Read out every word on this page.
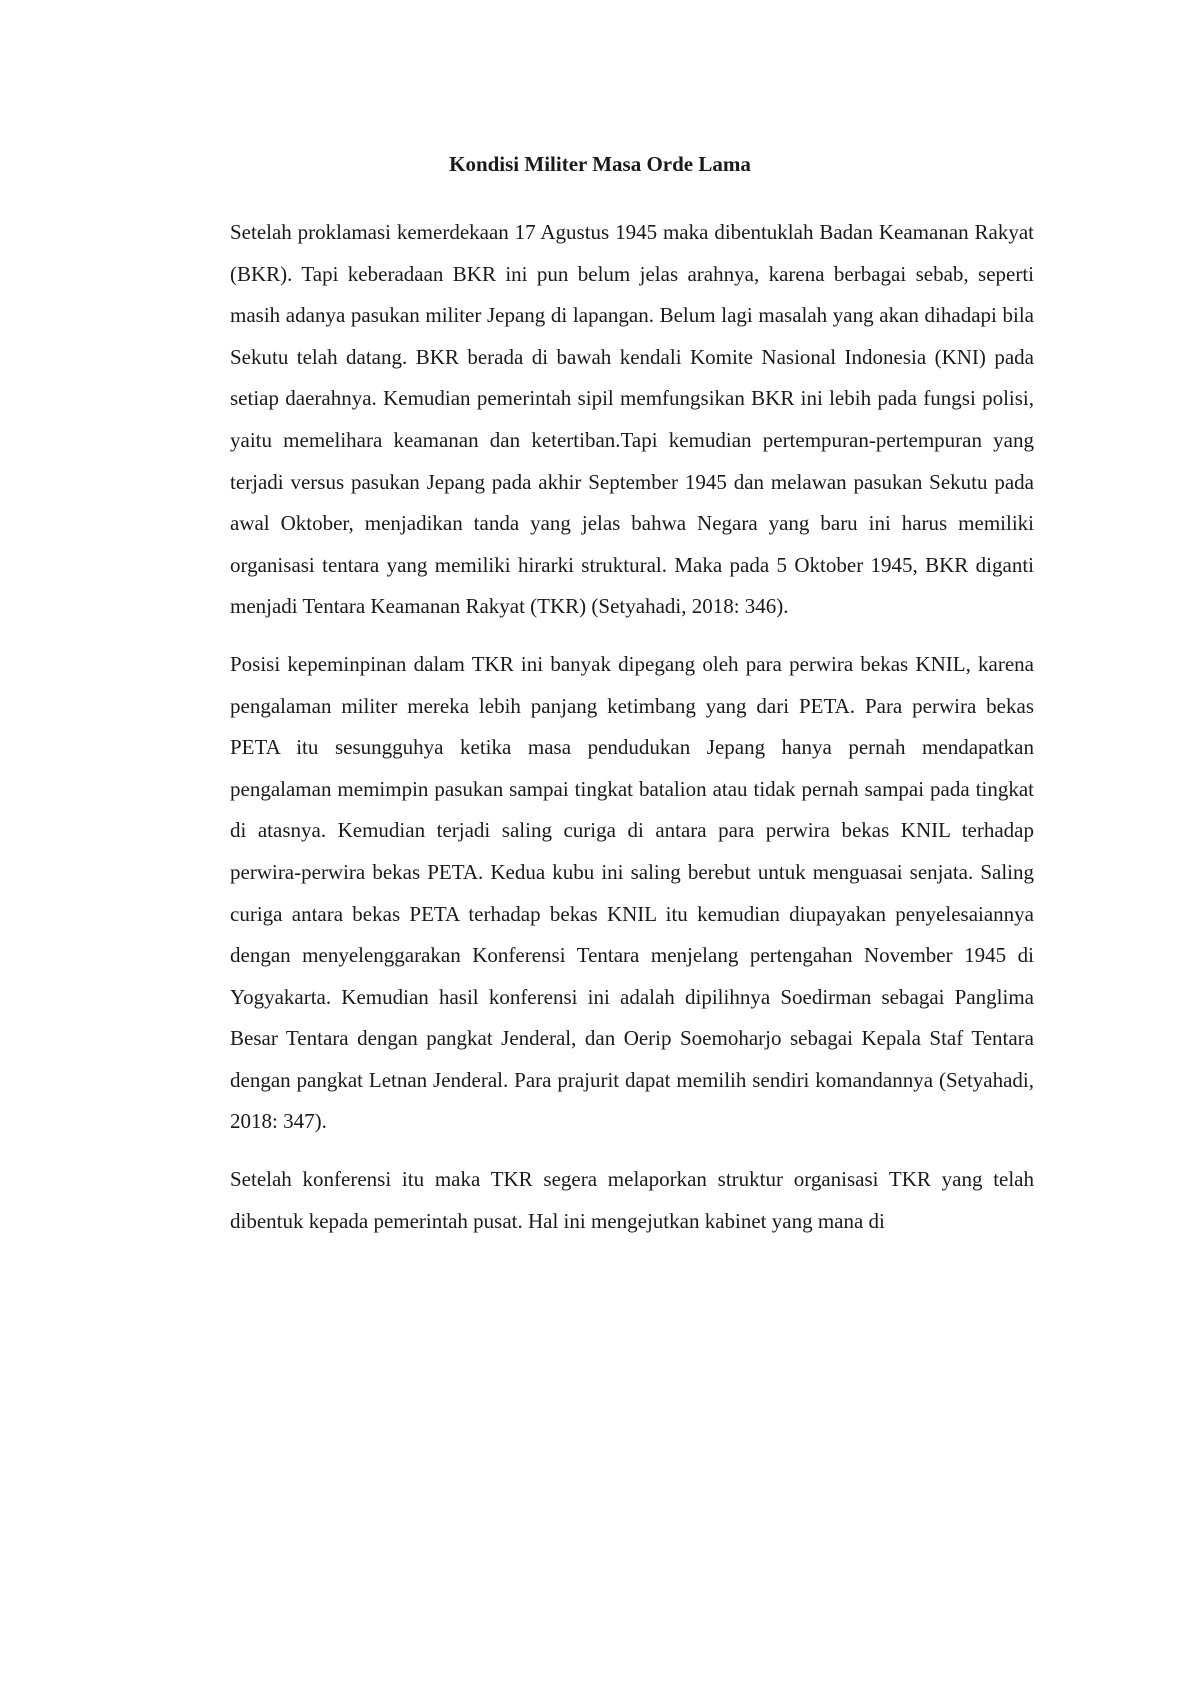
Kondisi Militer Masa Orde Lama

Setelah proklamasi kemerdekaan 17 Agustus 1945 maka dibentuklah Badan Keamanan Rakyat (BKR). Tapi keberadaan BKR ini pun belum jelas arahnya, karena berbagai sebab, seperti masih adanya pasukan militer Jepang di lapangan. Belum lagi masalah yang akan dihadapi bila Sekutu telah datang. BKR berada di bawah kendali Komite Nasional Indonesia (KNI) pada setiap daerahnya. Kemudian pemerintah sipil memfungsikan BKR ini lebih pada fungsi polisi, yaitu memelihara keamanan dan ketertiban.Tapi kemudian pertempuran-pertempuran yang terjadi versus pasukan Jepang pada akhir September 1945 dan melawan pasukan Sekutu pada awal Oktober, menjadikan tanda yang jelas bahwa Negara yang baru ini harus memiliki organisasi tentara yang memiliki hirarki struktural. Maka pada 5 Oktober 1945, BKR diganti menjadi Tentara Keamanan Rakyat (TKR) (Setyahadi, 2018: 346).

Posisi kepeminpinan dalam TKR ini banyak dipegang oleh para perwira bekas KNIL, karena pengalaman militer mereka lebih panjang ketimbang yang dari PETA. Para perwira bekas PETA itu sesungguhya ketika masa pendudukan Jepang hanya pernah mendapatkan pengalaman memimpin pasukan sampai tingkat batalion atau tidak pernah sampai pada tingkat di atasnya. Kemudian terjadi saling curiga di antara para perwira bekas KNIL terhadap perwira-perwira bekas PETA. Kedua kubu ini saling berebut untuk menguasai senjata. Saling curiga antara bekas PETA terhadap bekas KNIL itu kemudian diupayakan penyelesaiannya dengan menyelenggarakan Konferensi Tentara menjelang pertengahan November 1945 di Yogyakarta. Kemudian hasil konferensi ini adalah dipilihnya Soedirman sebagai Panglima Besar Tentara dengan pangkat Jenderal, dan Oerip Soemoharjo sebagai Kepala Staf Tentara dengan pangkat Letnan Jenderal. Para prajurit dapat memilih sendiri komandannya (Setyahadi, 2018: 347).

Setelah konferensi itu maka TKR segera melaporkan struktur organisasi TKR yang telah dibentuk kepada pemerintah pusat. Hal ini mengejutkan kabinet yang mana di
